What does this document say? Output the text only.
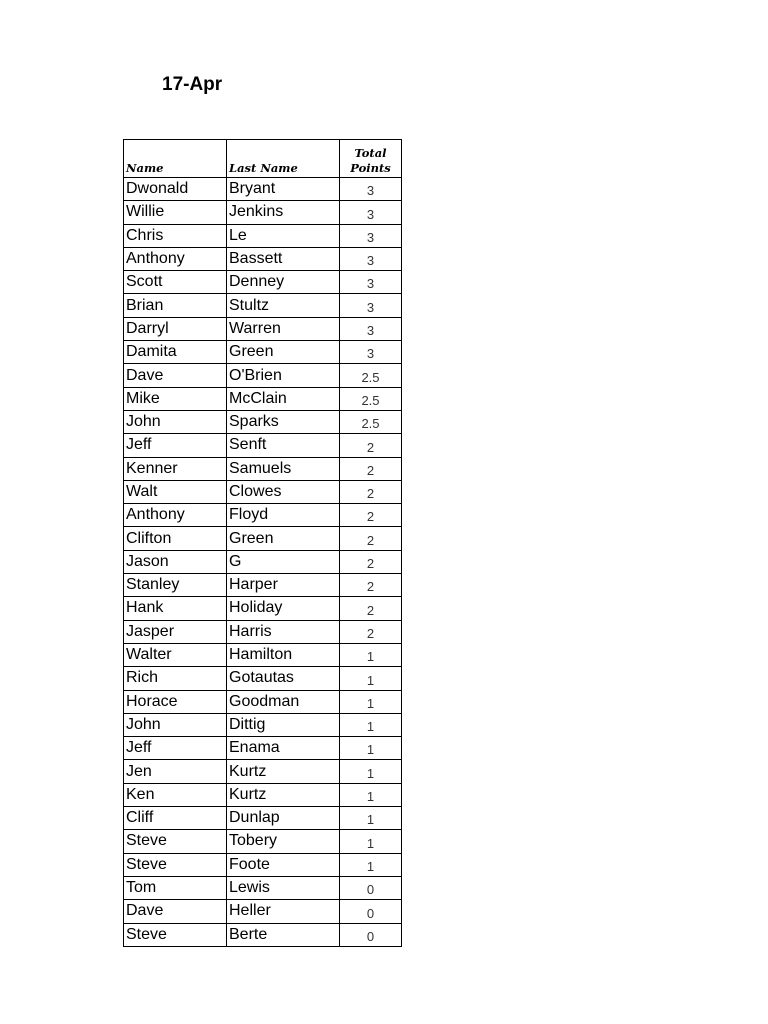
17-Apr
Name	Last Name	Total
Points

Dwonald	Bryant	3
Willie	Jenkins	3
Chris	Le	3
Anthony	Bassett	3
Scott	Denney	3
Brian	Stultz	3
Darryl	Warren	3
Damita	Green	3
Dave	O'Brien	2.5
Mike	McClain	2.5
John	Sparks	2.5
Jeff	Senft	2
Kenner	Samuels	2
Walt	Clowes	2
Anthony	Floyd	2
Clifton	Green	2
Jason	G	2
Stanley	Harper	2
Hank	Holiday	2
Jasper	Harris	2
Walter	Hamilton	1
Rich	Gotautas	1
Horace	Goodman	1
John	Dittig	1
Jeff	Enama	1
Jen	Kurtz	1
Ken	Kurtz	1
Cliff	Dunlap	1
Steve	Tobery	1
Steve	Foote	1
Tom	Lewis	0
Dave	Heller	0
Steve	Berte	0
